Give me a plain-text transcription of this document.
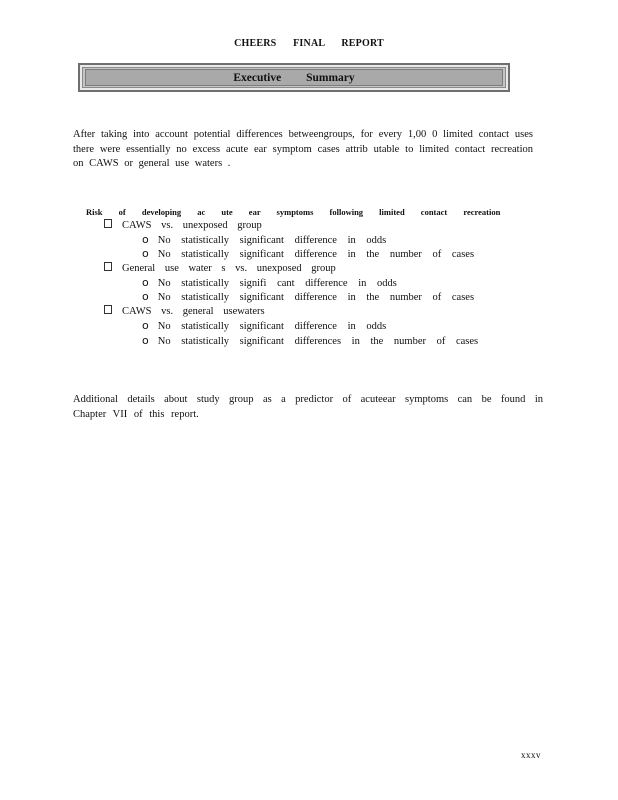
CHEERS FINAL REPORT
Executive Summary
After taking into account potential differences betweengroups, for every 1,00 0 limited contact uses there were essentially no excess acute ear symptom cases attrib utable to limited contact recreation on CAWS or general use waters .
Risk of developing ac ute ear symptoms following limited contact recreation
CAWS vs. unexposed group
o No statistically significant difference in odds
o No statistically significant difference in the number of cases
General use water s vs. unexposed group
o No statistically signifi cant difference in odds
o No statistically significant difference in the number of cases
CAWS vs. general usewaters
o No statistically significant difference in odds
o No statistically significant differences in the number of cases
Additional details about study group as a predictor of acuteear symptoms can be found in Chapter VII of this report.
xxxv
